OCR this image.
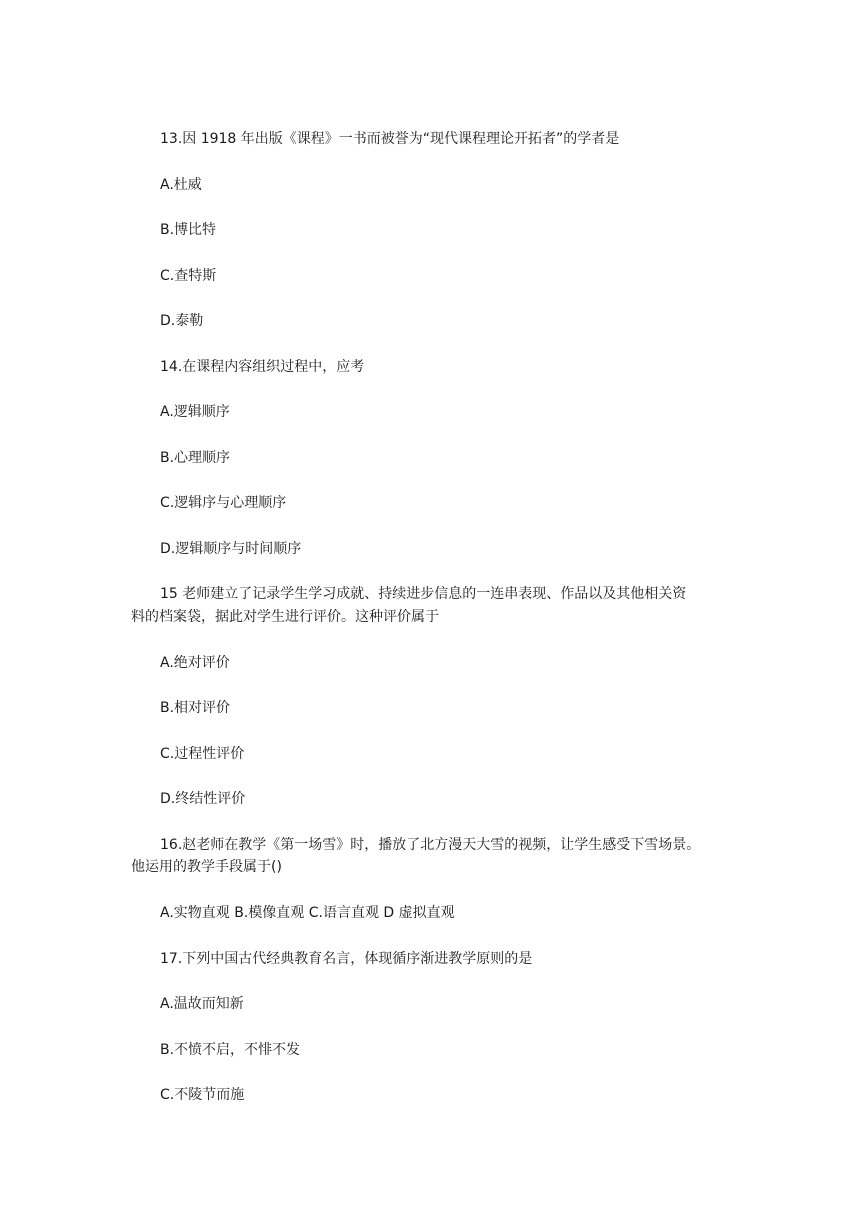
13.因 1918 年出版《课程》一书而被誉为“现代课程理论开拓者”的学者是
A.杜威
B.博比特
C.查特斯
D.泰勒
14.在课程内容组织过程中，应考
A.逻辑顺序
B.心理顺序
C.逻辑序与心理顺序
D.逻辑顺序与时间顺序
15 老师建立了记录学生学习成就、持续进步信息的一连串表现、作品以及其他相关资
料的档案袋，据此对学生进行评价。这种评价属于
A.绝对评价
B.相对评价
C.过程性评价
D.终结性评价
16.赵老师在教学《第一场雪》时，播放了北方漫天大雪的视频，让学生感受下雪场景。
他运用的教学手段属于()
A.实物直观 B.模像直观 C.语言直观 D 虚拟直观
17.下列中国古代经典教育名言，体现循序渐进教学原则的是
A.温故而知新
B.不愤不启，不悱不发
C.不陵节而施
